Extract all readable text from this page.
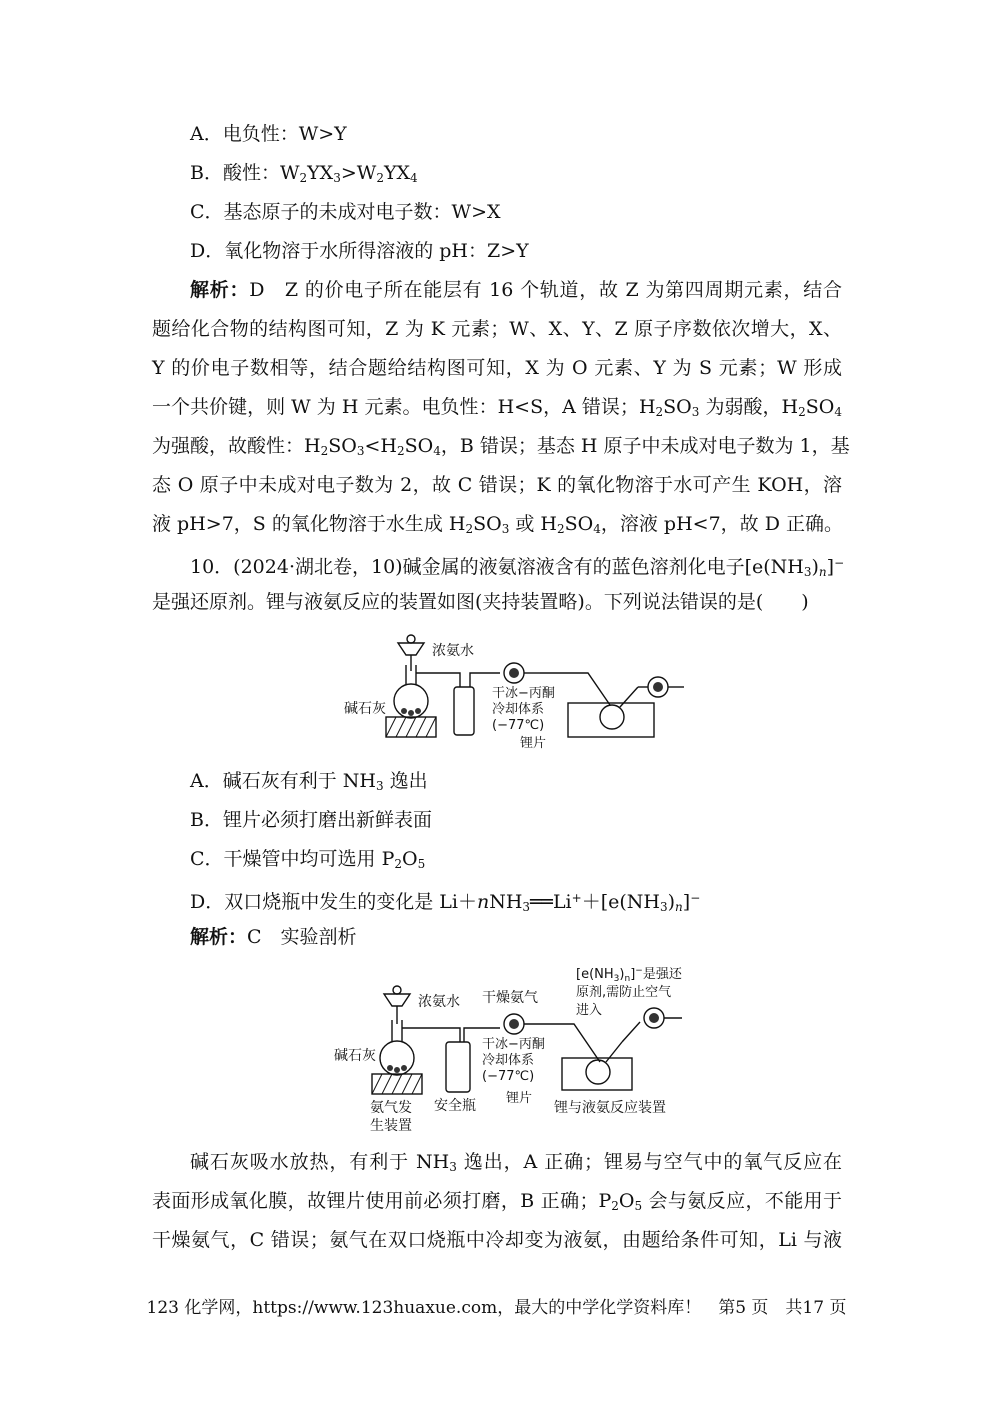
A．电负性：W>Y
B．酸性：$W_2YX_3>W_2YX_4$
C．基态原子的未成对电子数：W>X
D．氧化物溶于水所得溶液的 pH：Z>Y
解析：D　Z 的价电子所在能层有 16 个轨道，故 Z 为第四周期元素，结合
题给化合物的结构图可知，Z 为 K 元素；W、X、Y、Z 原子序数依次增大，X、
Y 的价电子数相等，结合题给结构图可知，X 为 O 元素、Y 为 S 元素；W 形成
一个共价键，则 W 为 H 元素。电负性：H<S，A 错误；$H_2SO_3$ 为弱酸，$H_2SO_4$
为强酸，故酸性：$H_2SO_3<H_2SO_4$，B 错误；基态 H 原子中未成对电子数为 1，基
态 O 原子中未成对电子数为 2，故 C 错误；K 的氧化物溶于水可产生 KOH，溶
液 pH>7，S 的氧化物溶于水生成 $H_2SO_3$ 或 $H_2SO_4$，溶液 pH<7，故 D 正确。
10．(2024·湖北卷，10)碱金属的液氨溶液含有的蓝色溶剂化电子$[e(NH_3)_n]^-$
是强还原剂。锂与液氨反应的装置如图(夹持装置略)。下列说法错误的是(　　)
浓氨水
碱石灰
干冰−丙酮
冷却体系
(−77℃)
锂片
A．碱石灰有利于 $NH_3$ 逸出
B．锂片必须打磨出新鲜表面
C．干燥管中均可选用 $P_2O_5$
D．双口烧瓶中发生的变化是 $Li+nNH_3══Li^++[e(NH_3)_n]^-$
解析：C　实验剖析
浓氨水 干燥氨气
$[e(NH_3)_n]^-$是强还
原剂,需防止空气
进入
碱石灰
干冰−丙酮
冷却体系
(−77℃)
锂片
氨气发
生装置
安全瓶	锂与液氨反应装置
碱石灰吸水放热，有利于 $NH_3$ 逸出，A 正确；锂易与空气中的氧气反应在
表面形成氧化膜，故锂片使用前必须打磨，B 正确；$P_2O_5$ 会与氨反应，不能用于
干燥氨气，C 错误；氨气在双口烧瓶中冷却变为液氨，由题给条件可知，Li 与液
123 化学网，https://www.123huaxue.com，最大的中学化学资料库！　第5 页　共17 页
